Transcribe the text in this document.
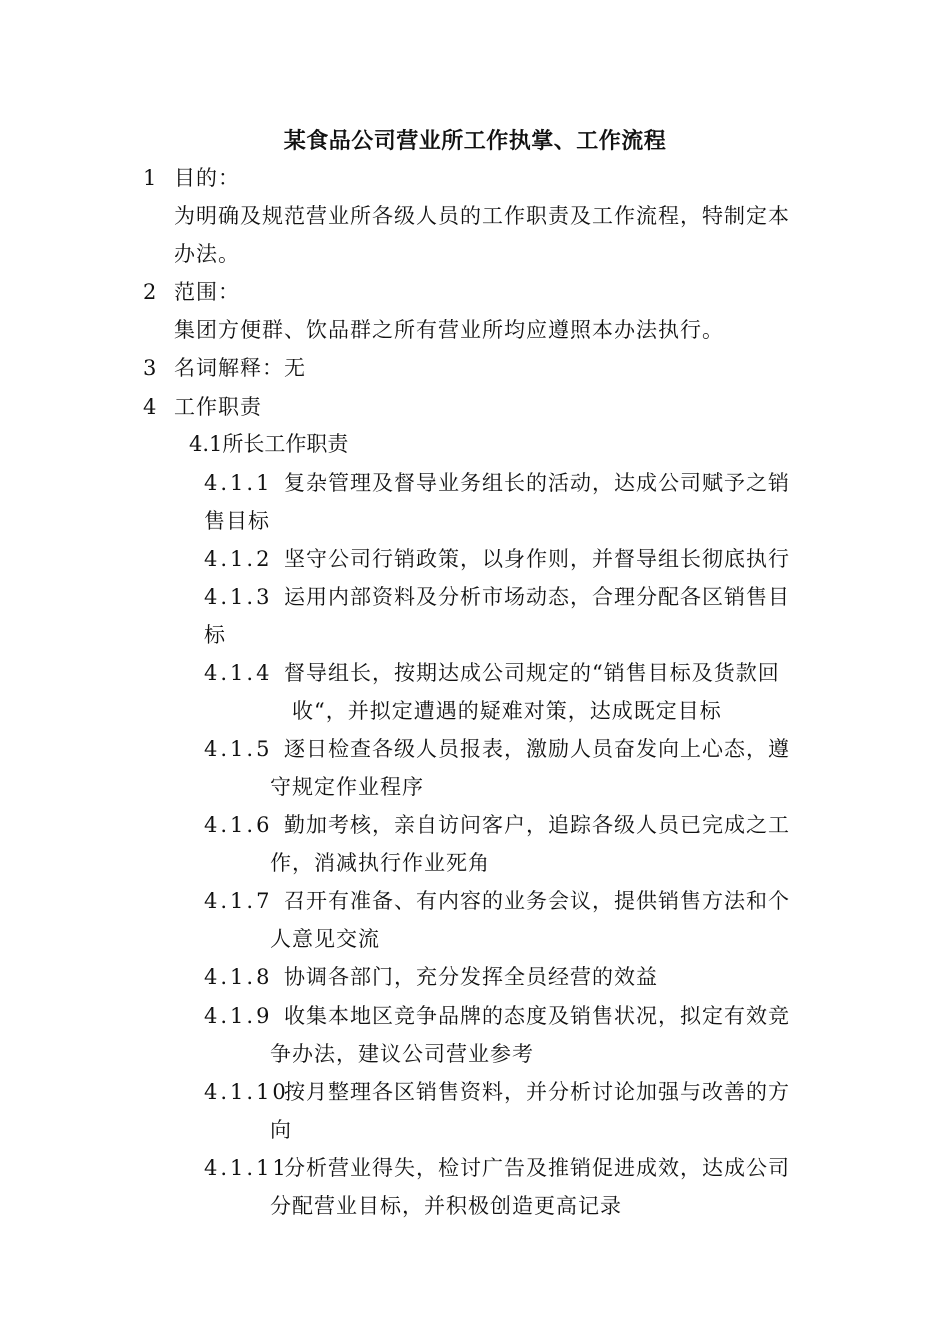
某食品公司营业所工作执掌、工作流程
1 目的：
为明确及规范营业所各级人员的工作职责及工作流程，特制定本
办法。
2 范围：
集团方便群、饮品群之所有营业所均应遵照本办法执行。
3 名词解释：无
4 工作职责
4.1所长工作职责
4.1.1 复杂管理及督导业务组长的活动，达成公司赋予之销
售目标
4.1.2 坚守公司行销政策，以身作则，并督导组长彻底执行
4.1.3 运用内部资料及分析市场动态，合理分配各区销售目
标
4.1.4 督导组长，按期达成公司规定的“销售目标及货款回
收“，并拟定遭遇的疑难对策，达成既定目标
4.1.5 逐日检查各级人员报表，激励人员奋发向上心态，遵
守规定作业程序
4.1.6 勤加考核，亲自访问客户，追踪各级人员已完成之工
作，消减执行作业死角
4.1.7 召开有准备、有内容的业务会议，提供销售方法和个
人意见交流
4.1.8 协调各部门，充分发挥全员经营的效益
4.1.9 收集本地区竞争品牌的态度及销售状况，拟定有效竞
争办法，建议公司营业参考
4.1.10
按月整理各区销售资料，并分析讨论加强与改善的方
向
4.1.11
分析营业得失，检讨广告及推销促进成效，达成公司
分配营业目标，并积极创造更高记录
